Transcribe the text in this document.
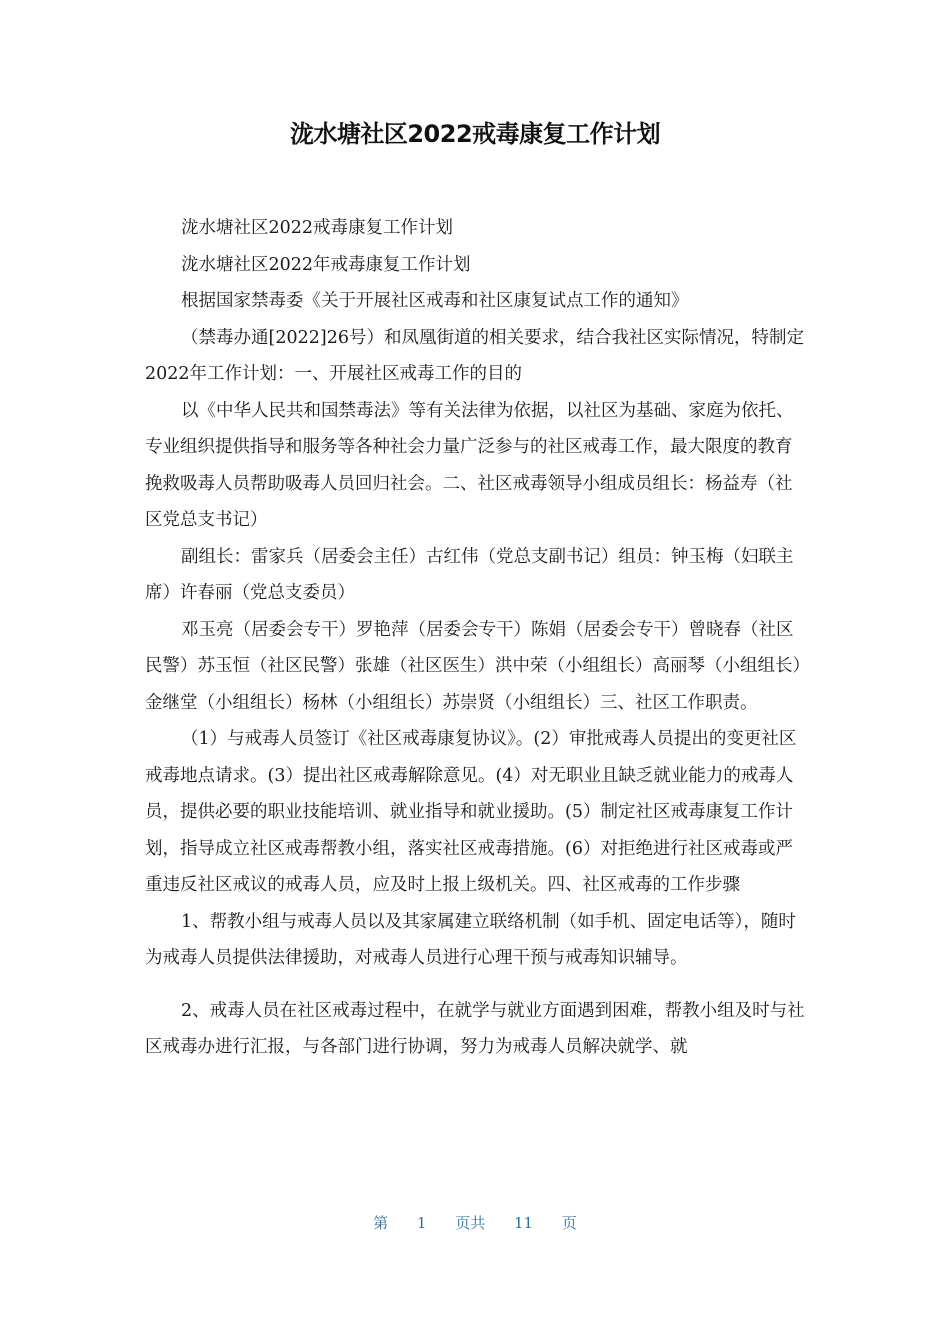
泷水塘社区2022戒毒康复工作计划

泷水塘社区2022戒毒康复工作计划

泷水塘社区2022年戒毒康复工作计划

根据国家禁毒委《关于开展社区戒毒和社区康复试点工作的通知》

（禁毒办通[2022]26号）和凤凰街道的相关要求，结合我社区实际情况，特制定2022年工作计划：一、开展社区戒毒工作的目的

以《中华人民共和国禁毒法》等有关法律为依据，以社区为基础、家庭为依托、专业组织提供指导和服务等各种社会力量广泛参与的社区戒毒工作，最大限度的教育挽救吸毒人员帮助吸毒人员回归社会。二、社区戒毒领导小组成员组长：杨益寿（社区党总支书记）

副组长：雷家兵（居委会主任）古红伟（党总支副书记）组员：钟玉梅（妇联主席）许春丽（党总支委员）

邓玉亮（居委会专干）罗艳萍（居委会专干）陈娟（居委会专干）曾晓春（社区民警）苏玉恒（社区民警）张雄（社区医生）洪中荣（小组组长）高丽琴（小组组长）金继堂（小组组长）杨林（小组组长）苏崇贤（小组组长）三、社区工作职责。

（1）与戒毒人员签订《社区戒毒康复协议》。(2）审批戒毒人员提出的变更社区戒毒地点请求。(3）提出社区戒毒解除意见。(4）对无职业且缺乏就业能力的戒毒人员，提供必要的职业技能培训、就业指导和就业援助。(5）制定社区戒毒康复工作计划，指导成立社区戒毒帮教小组，落实社区戒毒措施。(6）对拒绝进行社区戒毒或严重违反社区戒议的戒毒人员，应及时上报上级机关。四、社区戒毒的工作步骤

1、帮教小组与戒毒人员以及其家属建立联络机制（如手机、固定电话等），随时为戒毒人员提供法律援助，对戒毒人员进行心理干预与戒毒知识辅导。

2、戒毒人员在社区戒毒过程中，在就学与就业方面遇到困难，帮教小组及时与社区戒毒办进行汇报，与各部门进行协调，努力为戒毒人员解决就学、就

第 1 页共 11 页
